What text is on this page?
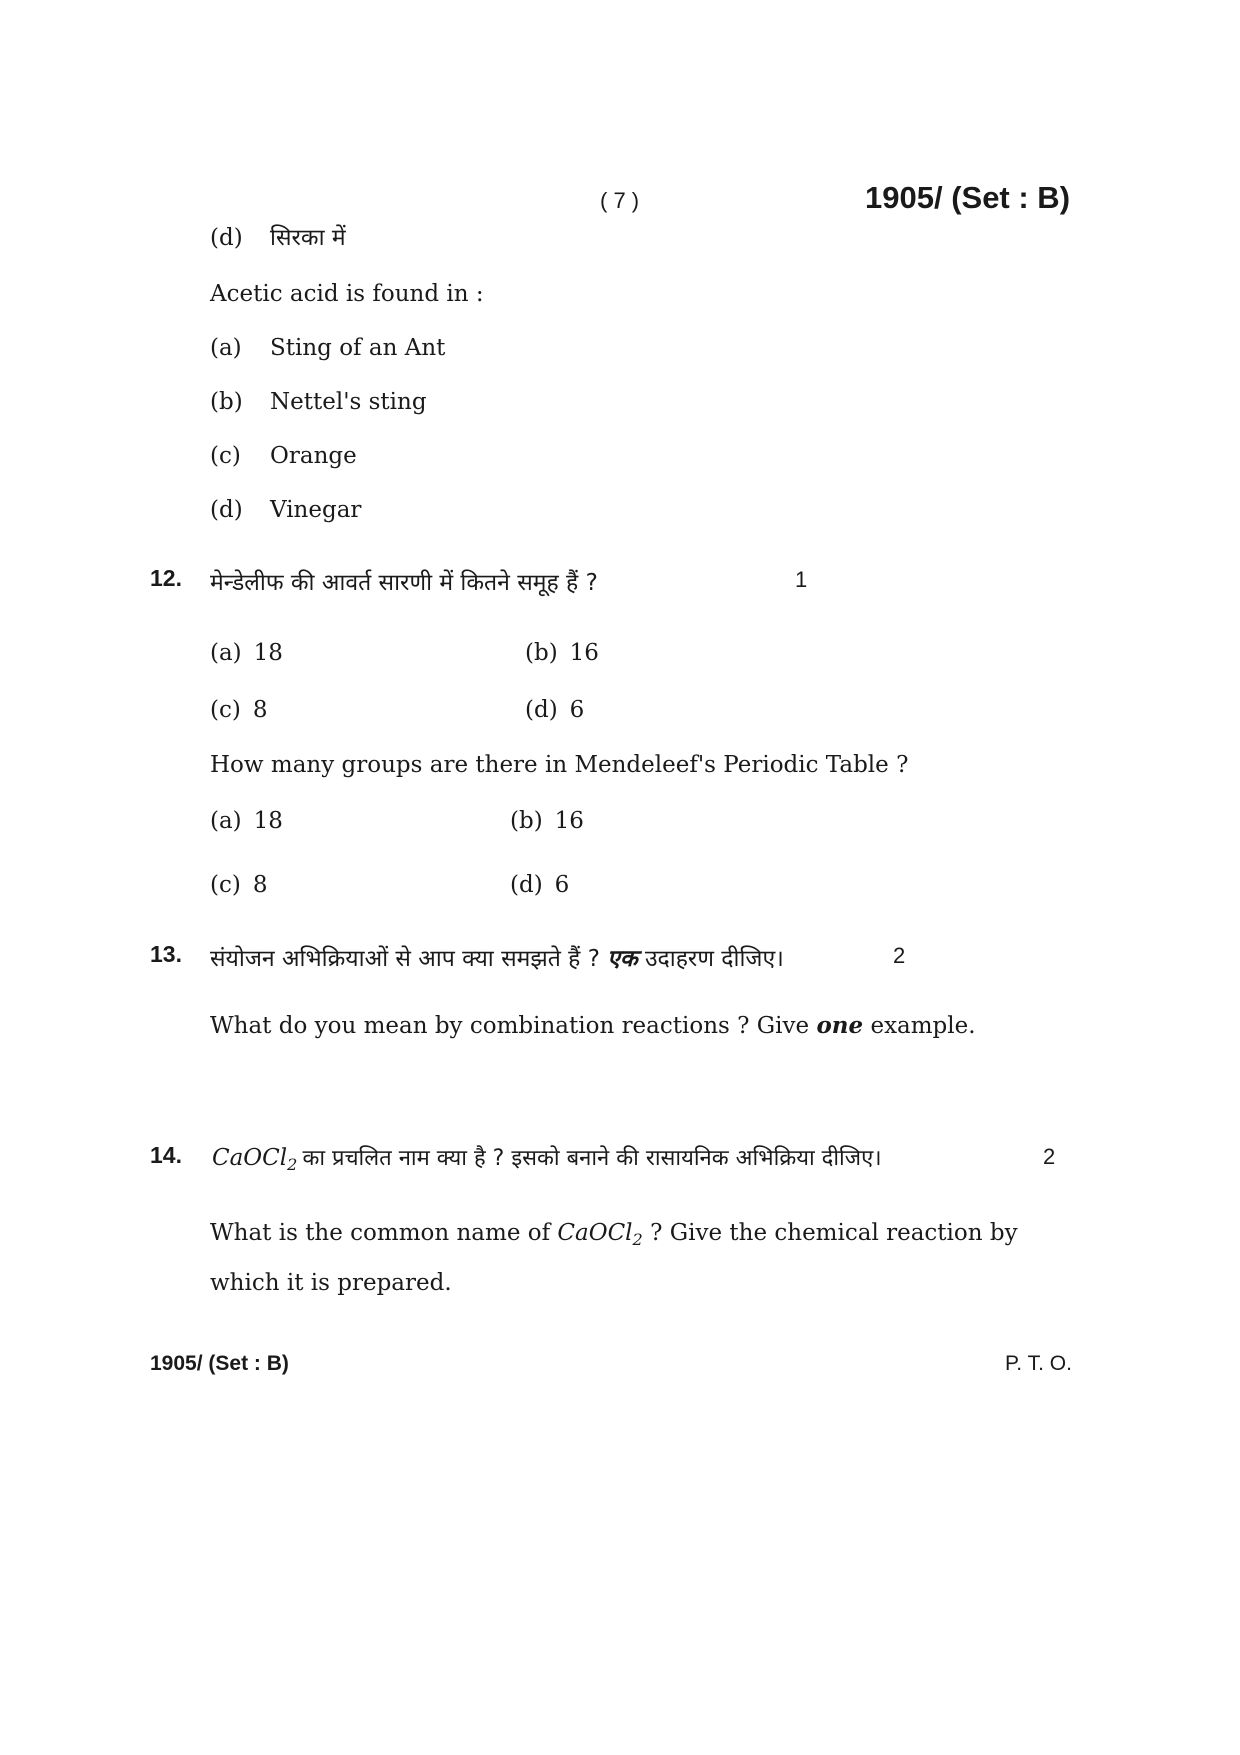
( 7 )	1905/ (Set : B)
(d) सिरका में
Acetic acid is found in :
(a) Sting of an Ant
(b) Nettel's sting
(c) Orange
(d) Vinegar
12. मेन्डेलीफ की आवर्त सारणी में कितने समूह हैं ?	1
(a) 18	(b) 16
(c) 8	(d) 6
How many groups are there in Mendeleef's Periodic Table ?
(a) 18	(b) 16
(c) 8	(d) 6
13. संयोजन अभिक्रियाओं से आप क्या समझते हैं ? एक उदाहरण दीजिए।	2
What do you mean by combination reactions ? Give one example.
14. CaOCl$_2$ का प्रचलित नाम क्या है ? इसको बनाने की रासायनिक अभिक्रिया दीजिए।	2
What is the common name of CaOCl$_2$ ? Give the chemical reaction by
which it is prepared.
1905/ (Set : B)	P. T. O.
